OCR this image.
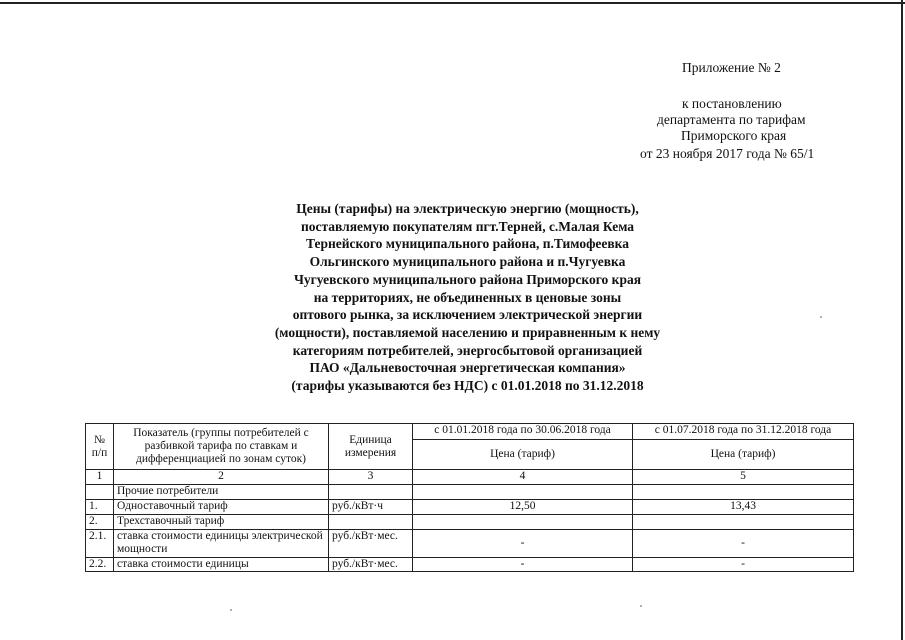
Приложение № 2
к постановлению
департамента по тарифам
Приморского края
от 23 ноября 2017 года № 65/1
Цены (тарифы) на электрическую энергию (мощность),
поставляемую покупателям пгт.Терней, с.Малая Кема
Тернейского муниципального района, п.Тимофеевка
Ольгинского муниципального района и п.Чугуевка
Чугуевского муниципального района Приморского края
на территориях, не объединенных в ценовые зоны
оптового рынка, за исключением электрической энергии
(мощности), поставляемой населению и приравненным к нему
категориям потребителей, энергосбытовой организацией
ПАО «Дальневосточная энергетическая компания»
(тарифы указываются без НДС) с 01.01.2018 по 31.12.2018
№ п/п	Показатель (группы потребителей с разбивкой тарифа по ставкам и дифференциацией по зонам суток)	Единица измерения	с 01.01.2018 года по 30.06.2018 года	с 01.07.2018 года по 31.12.2018 года
			Цена (тариф)	Цена (тариф)
1	2	3	4	5
	Прочие потребители			
1.	Одноставочный тариф	руб./кВт·ч	12,50	13,43
2.	Трехставочный тариф			
2.1.	ставка стоимости единицы электрической мощности	руб./кВт·мес.	-	-
2.2.	ставка стоимости единицы	руб./кВт·мес.	-	-
